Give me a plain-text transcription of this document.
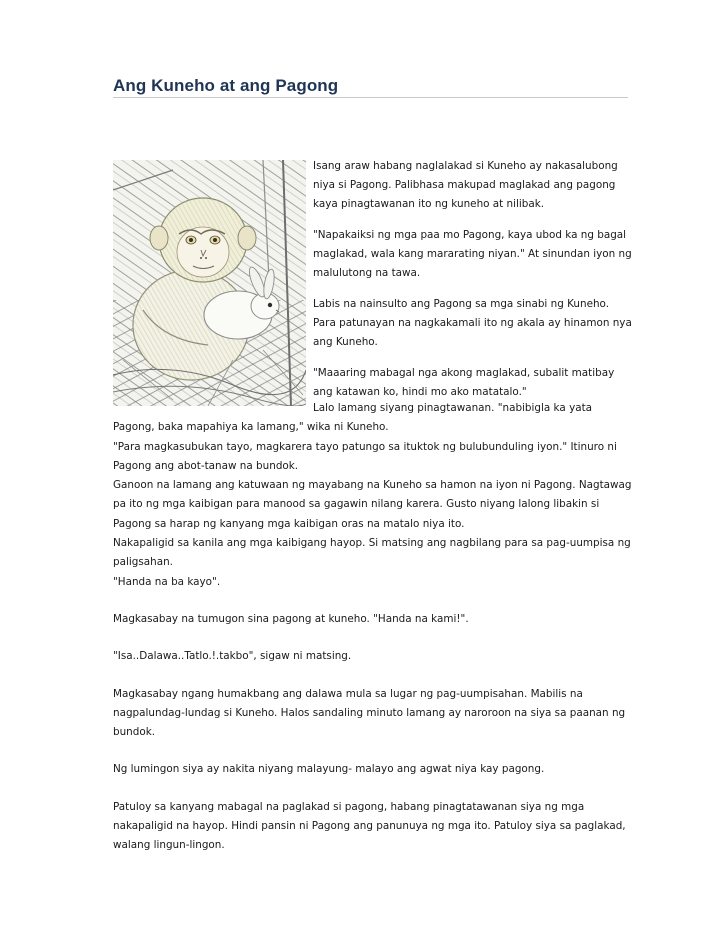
Ang Kuneho at ang Pagong

Isang araw habang naglalakad si Kuneho ay nakasalubong
niya si Pagong. Palibhasa makupad maglakad ang pagong
kaya pinagtawanan ito ng kuneho at nilibak.

"Napakaiksi ng mga paa mo Pagong, kaya ubod ka ng bagal
maglakad, wala kang mararating niyan." At sinundan iyon ng
malulutong na tawa.

Labis na nainsulto ang Pagong sa mga sinabi ng Kuneho.
Para patunayan na nagkakamali ito ng akala ay hinamon nya
ang Kuneho.

"Maaaring mabagal nga akong maglakad, subalit matibay
ang katawan ko, hindi mo ako matatalo."

Lalo lamang siyang pinagtawanan. "nabibigla ka yata

Pagong, baka mapahiya ka lamang," wika ni Kuneho.

"Para magkasubukan tayo, magkarera tayo patungo sa ituktok ng bulubunduling iyon." Itinuro ni

Pagong ang abot-tanaw na bundok.

Ganoon na lamang ang katuwaan ng mayabang na Kuneho sa hamon na iyon ni Pagong. Nagtawag

pa ito ng mga kaibigan para manood sa gagawin nilang karera. Gusto niyang lalong libakin si

Pagong sa harap ng kanyang mga kaibigan oras na matalo niya ito.

Nakapaligid sa kanila ang mga kaibigang hayop. Si matsing ang nagbilang para sa pag-uumpisa ng

paligsahan.

"Handa na ba kayo".

Magkasabay na tumugon sina pagong at kuneho. "Handa na kami!".

"Isa..Dalawa..Tatlo.!.takbo", sigaw ni matsing.

Magkasabay ngang humakbang ang dalawa mula sa lugar ng pag-uumpisahan. Mabilis na

nagpalundag-lundag si Kuneho. Halos sandaling minuto lamang ay naroroon na siya sa paanan ng

bundok.

Ng lumingon siya ay nakita niyang malayung- malayo ang agwat niya kay pagong.

Patuloy sa kanyang mabagal na paglakad si pagong, habang pinagtatawanan siya ng mga

nakapaligid na hayop. Hindi pansin ni Pagong ang panunuya ng mga ito. Patuloy siya sa paglakad,

walang lingun-lingon.
